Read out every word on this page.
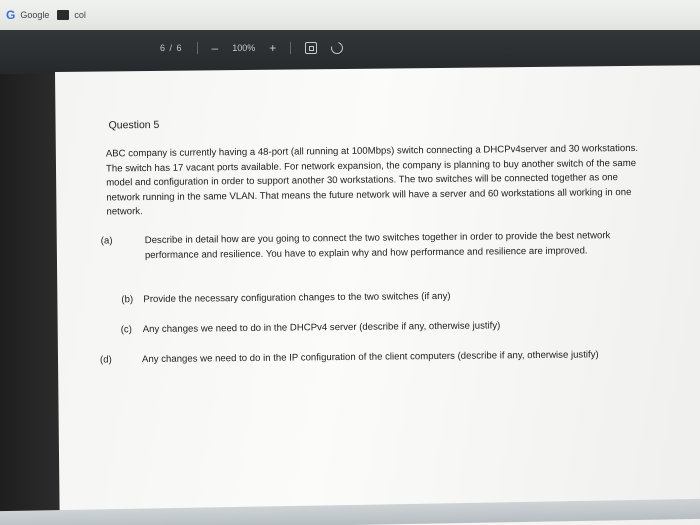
G Google	col
6 / 6 – 100% +
Question 5
ABC company is currently having a 48-port (all running at 100Mbps) switch connecting a DHCPv4server and 30 workstations. The switch has 17 vacant ports available. For network expansion, the company is planning to buy another switch of the same model and configuration in order to support another 30 workstations. The two switches will be connected together as one network running in the same VLAN. That means the future network will have a server and 60 workstations all working in one network.
(a)	Describe in detail how are you going to connect the two switches together in order to provide the best network performance and resilience. You have to explain why and how performance and resilience are improved.
(b) Provide the necessary configuration changes to the two switches (if any)
(c) Any changes we need to do in the DHCPv4 server (describe if any, otherwise justify)
(d)	Any changes we need to do in the IP configuration of the client computers (describe if any, otherwise justify)
